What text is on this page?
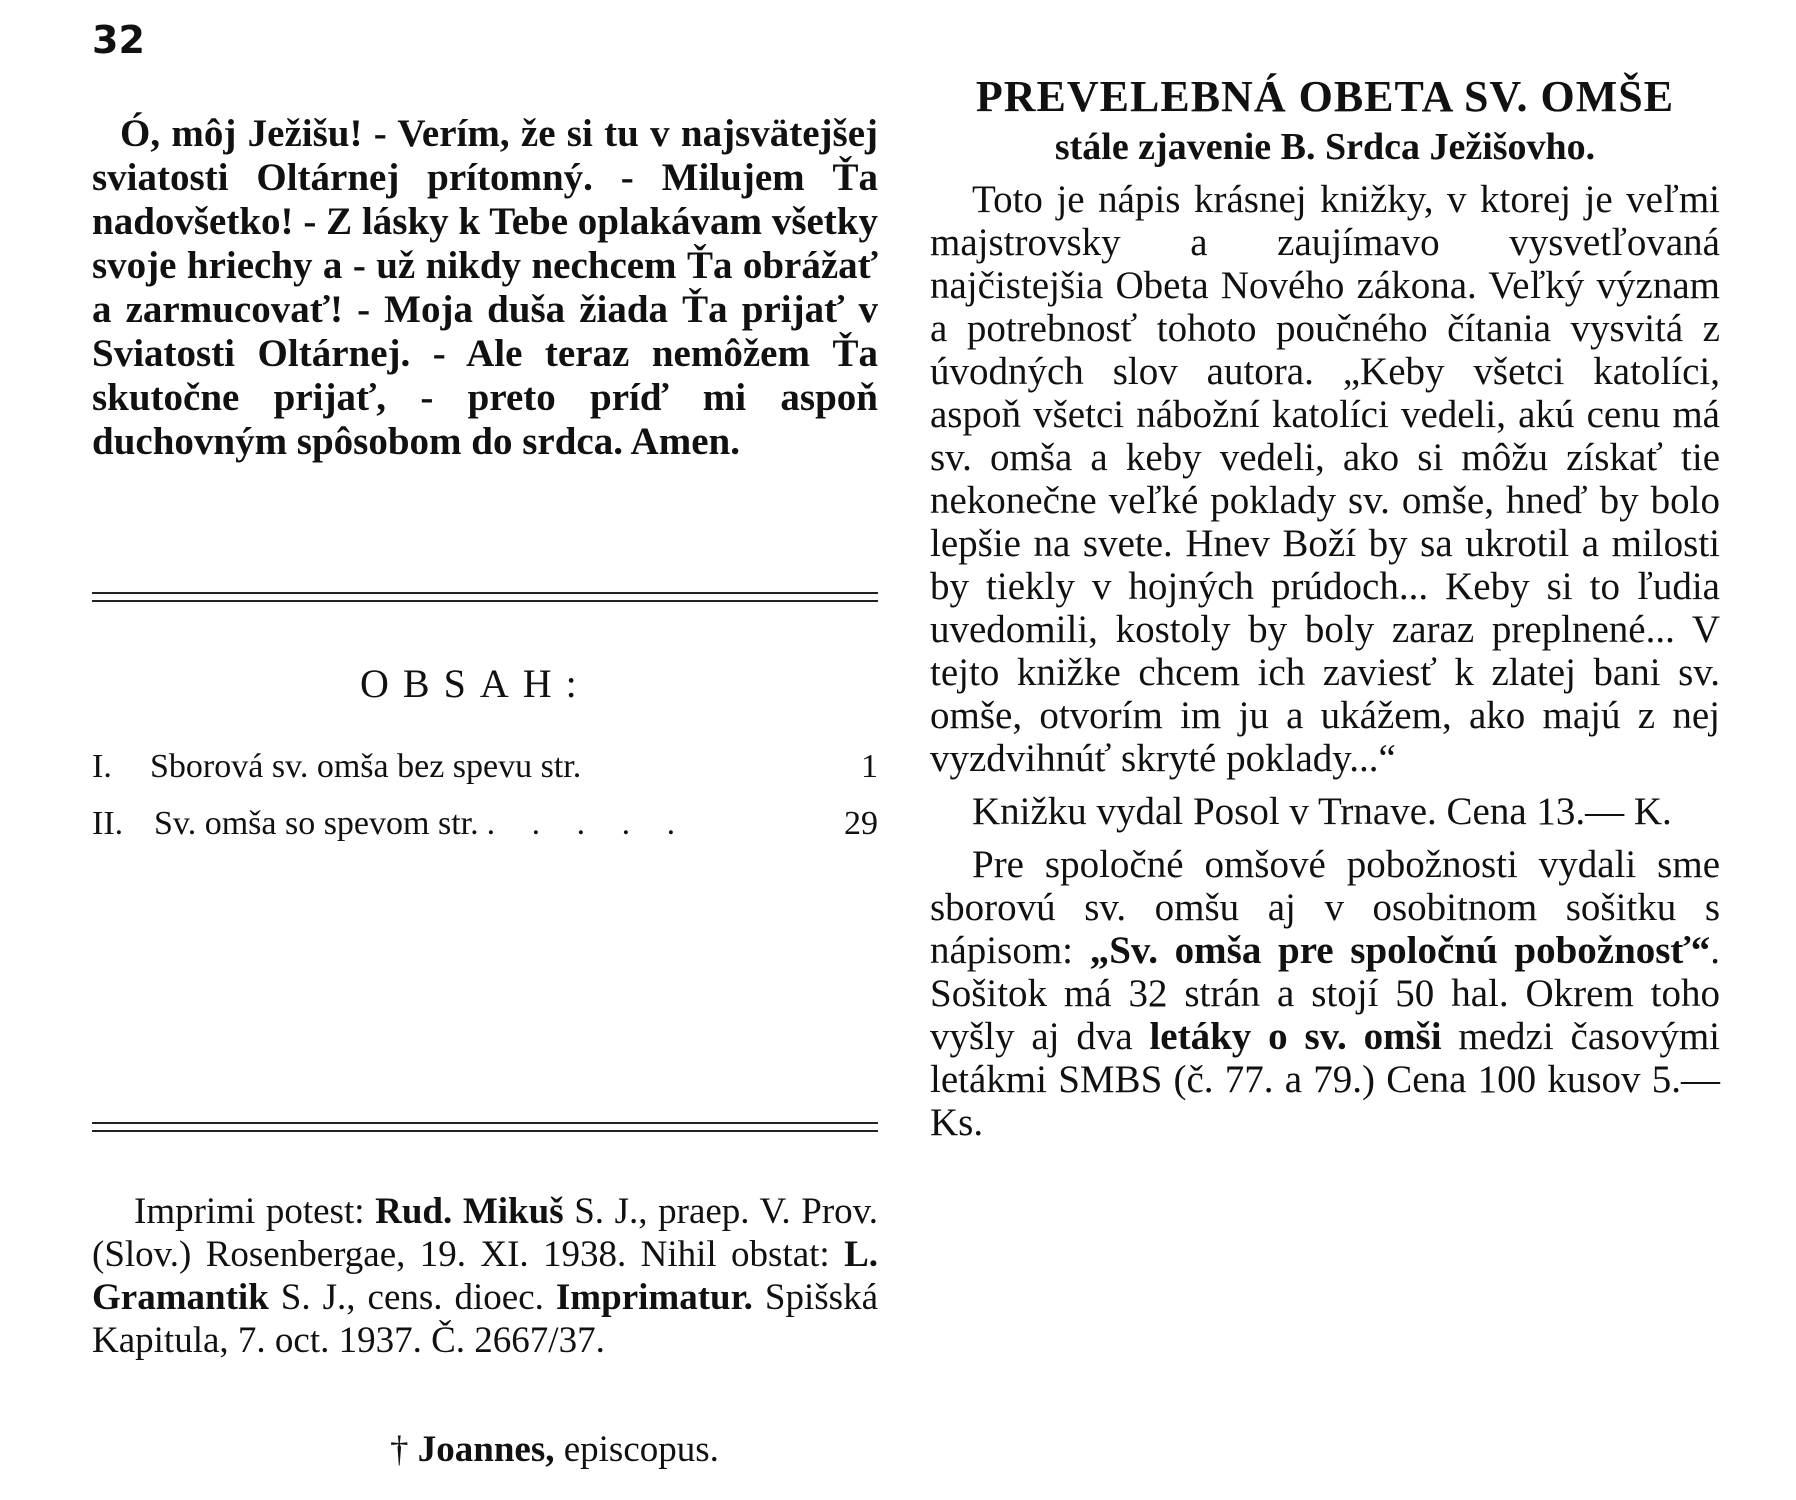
32

Ó, môj Ježišu! - Verím, že si tu v najsvätejšej sviatosti Oltárnej prítomný. - Milujem Ťa nadovšetko! - Z lásky k Tebe oplakávam všetky svoje hriechy a - už nikdy nechcem Ťa obrážať a zarmucovať! - Moja duša žiada Ťa prijať v Sviatosti Oltárnej. - Ale teraz nemôžem Ťa skutočne prijať, - preto príď mi aspoň duchovným spôsobom do srdca. Amen.

OBSAH:
I.	Sborová sv. omša bez spevu str.	1
II. Sv. omša so spevom str. . . . . .	29

Imprimi potest: Rud. Mikuš S. J., praep. V. Prov. (Slov.) Rosenbergae, 19. XI. 1938. Nihil obstat: L. Gramantik S. J., cens. dioec. Imprimatur. Spišská Kapitula, 7. oct. 1937. Č. 2667/37.

† Joannes, episcopus.
PREVELEBNÁ OBETA SV. OMŠE
stále zjavenie B. Srdca Ježišovho.

Toto je nápis krásnej knižky, v ktorej je veľmi majstrovsky a zaujímavo vysvetľovaná najčistejšia Obeta Nového zákona. Veľký význam a potrebnosť tohoto poučného čítania vysvitá z úvodných slov autora. „Keby všetci katolíci, aspoň všetci nábožní katolíci vedeli, akú cenu má sv. omša a keby vedeli, ako si môžu získať tie nekonečne veľké poklady sv. omše, hneď by bolo lepšie na svete. Hnev Boží by sa ukrotil a milosti by tiekly v hojných prúdoch... Keby si to ľudia uvedomili, kostoly by boly zaraz preplnené... V tejto knižke chcem ich zaviesť k zlatej bani sv. omše, otvorím im ju a ukážem, ako majú z nej vyzdvihnúť skryté poklady...“

Knižku vydal Posol v Trnave. Cena 13.— K.

Pre spoločné omšové pobožnosti vydali sme sborovú sv. omšu aj v osobitnom sošitku s nápisom: „Sv. omša pre spoločnú pobožnosť“. Sošitok má 32 strán a stojí 50 hal. Okrem toho vyšly aj dva letáky o sv. omši medzi časovými letákmi SMBS (č. 77. a 79.) Cena 100 kusov 5.— Ks.
